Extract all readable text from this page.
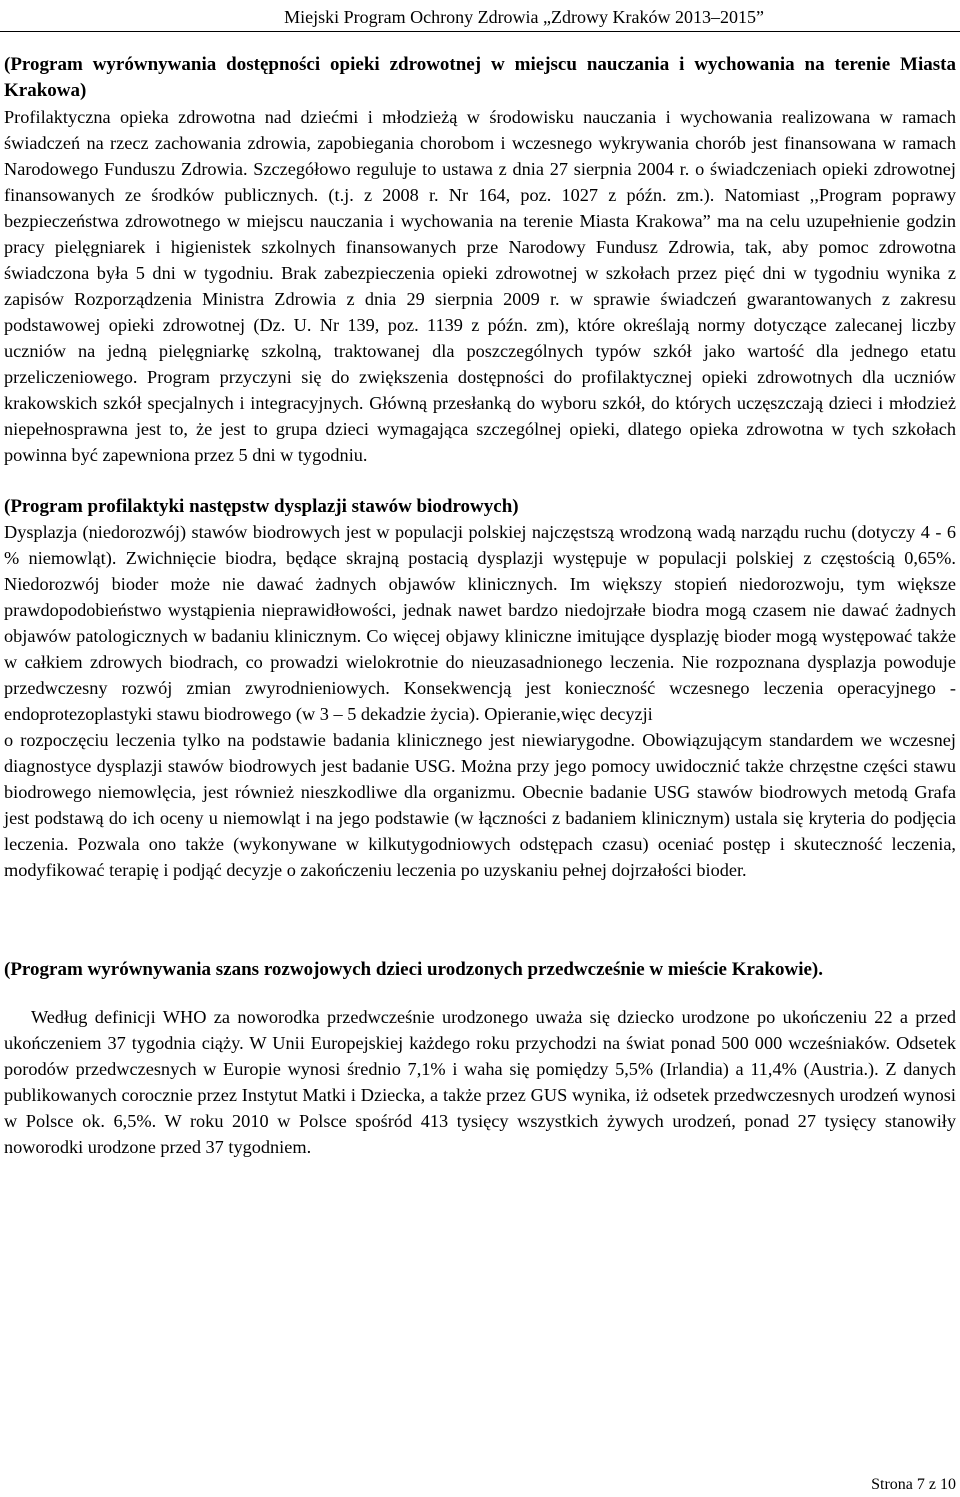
Miejski Program Ochrony Zdrowia „Zdrowy Kraków 2013–2015”

(Program wyrównywania dostępności opieki zdrowotnej w miejscu nauczania i wychowania na terenie Miasta Krakowa)

Profilaktyczna opieka zdrowotna nad dziećmi i młodzieżą w środowisku nauczania i wychowania realizowana w ramach świadczeń na rzecz zachowania zdrowia, zapobiegania chorobom i wczesnego wykrywania chorób jest finansowana w ramach Narodowego Funduszu Zdrowia. Szczegółowo reguluje to ustawa z dnia 27 sierpnia 2004 r. o świadczeniach opieki zdrowotnej finansowanych ze środków publicznych. (t.j. z 2008 r. Nr 164, poz. 1027 z późn. zm.). Natomiast ,,Program poprawy bezpieczeństwa zdrowotnego w miejscu nauczania i wychowania na terenie Miasta Krakowa” ma na celu uzupełnienie godzin pracy pielęgniarek i higienistek szkolnych finansowanych prze Narodowy Fundusz Zdrowia, tak, aby pomoc zdrowotna świadczona była 5 dni w tygodniu. Brak zabezpieczenia opieki zdrowotnej w szkołach przez pięć dni w tygodniu wynika z zapisów Rozporządzenia Ministra Zdrowia z dnia 29 sierpnia 2009 r. w sprawie świadczeń gwarantowanych z zakresu podstawowej opieki zdrowotnej (Dz. U. Nr 139, poz. 1139 z późn. zm), które określają normy dotyczące zalecanej liczby uczniów na jedną pielęgniarkę szkolną, traktowanej dla poszczególnych typów szkół jako wartość dla jednego etatu przeliczeniowego. Program przyczyni się do zwiększenia dostępności do profilaktycznej opieki zdrowotnych dla uczniów krakowskich szkół specjalnych i integracyjnych. Główną przesłanką do wyboru szkół, do których uczęszczają dzieci i młodzież niepełnosprawna jest to, że jest to grupa dzieci wymagająca szczególnej opieki, dlatego opieka zdrowotna w tych szkołach powinna być zapewniona przez 5 dni w tygodniu.

(Program profilaktyki następstw dysplazji stawów biodrowych)

Dysplazja (niedorozwój) stawów biodrowych jest w populacji polskiej najczęstszą wrodzoną wadą narządu ruchu (dotyczy 4 - 6 % niemowląt). Zwichnięcie biodra, będące skrajną postacią dysplazji występuje w populacji polskiej z częstością 0,65%. Niedorozwój bioder może nie dawać żadnych objawów klinicznych. Im większy stopień niedorozwoju, tym większe prawdopodobieństwo wystąpienia nieprawidłowości, jednak nawet bardzo niedojrzałe biodra mogą czasem nie dawać żadnych objawów patologicznych w badaniu klinicznym. Co więcej objawy kliniczne imitujące dysplazję bioder mogą występować także w całkiem zdrowych biodrach, co prowadzi wielokrotnie do nieuzasadnionego leczenia. Nie rozpoznana dysplazja powoduje przedwczesny rozwój zmian zwyrodnieniowych. Konsekwencją jest konieczność wczesnego leczenia operacyjnego - endoprotezoplastyki stawu biodrowego (w 3 – 5 dekadzie życia). Opieranie,więc decyzji

o rozpoczęciu leczenia tylko na podstawie badania klinicznego jest niewiarygodne. Obowiązującym standardem we wczesnej diagnostyce dysplazji stawów biodrowych jest badanie USG. Można przy jego pomocy uwidocznić także chrzęstne części stawu biodrowego niemowlęcia, jest również nieszkodliwe dla organizmu. Obecnie badanie USG stawów biodrowych metodą Grafa jest podstawą do ich oceny u niemowląt i na jego podstawie (w łączności z badaniem klinicznym) ustala się kryteria do podjęcia leczenia. Pozwala ono także (wykonywane w kilkutygodniowych odstępach czasu) oceniać postęp i skuteczność leczenia, modyfikować terapię i podjąć decyzje o zakończeniu leczenia po uzyskaniu pełnej dojrzałości bioder.

(Program wyrównywania szans rozwojowych dzieci urodzonych przedwcześnie w mieście Krakowie).

Według definicji WHO za noworodka przedwcześnie urodzonego uważa się dziecko urodzone po ukończeniu 22 a przed ukończeniem 37 tygodnia ciąży. W Unii Europejskiej każdego roku przychodzi na świat ponad 500 000 wcześniaków. Odsetek porodów przedwczesnych w Europie wynosi średnio 7,1% i waha się pomiędzy 5,5% (Irlandia) a 11,4% (Austria.). Z danych publikowanych corocznie przez Instytut Matki i Dziecka, a także przez GUS wynika, iż odsetek przedwczesnych urodzeń wynosi w Polsce ok. 6,5%. W roku 2010 w Polsce spośród 413 tysięcy wszystkich żywych urodzeń, ponad 27 tysięcy stanowiły noworodki urodzone przed 37 tygodniem.

Strona 7 z 10
